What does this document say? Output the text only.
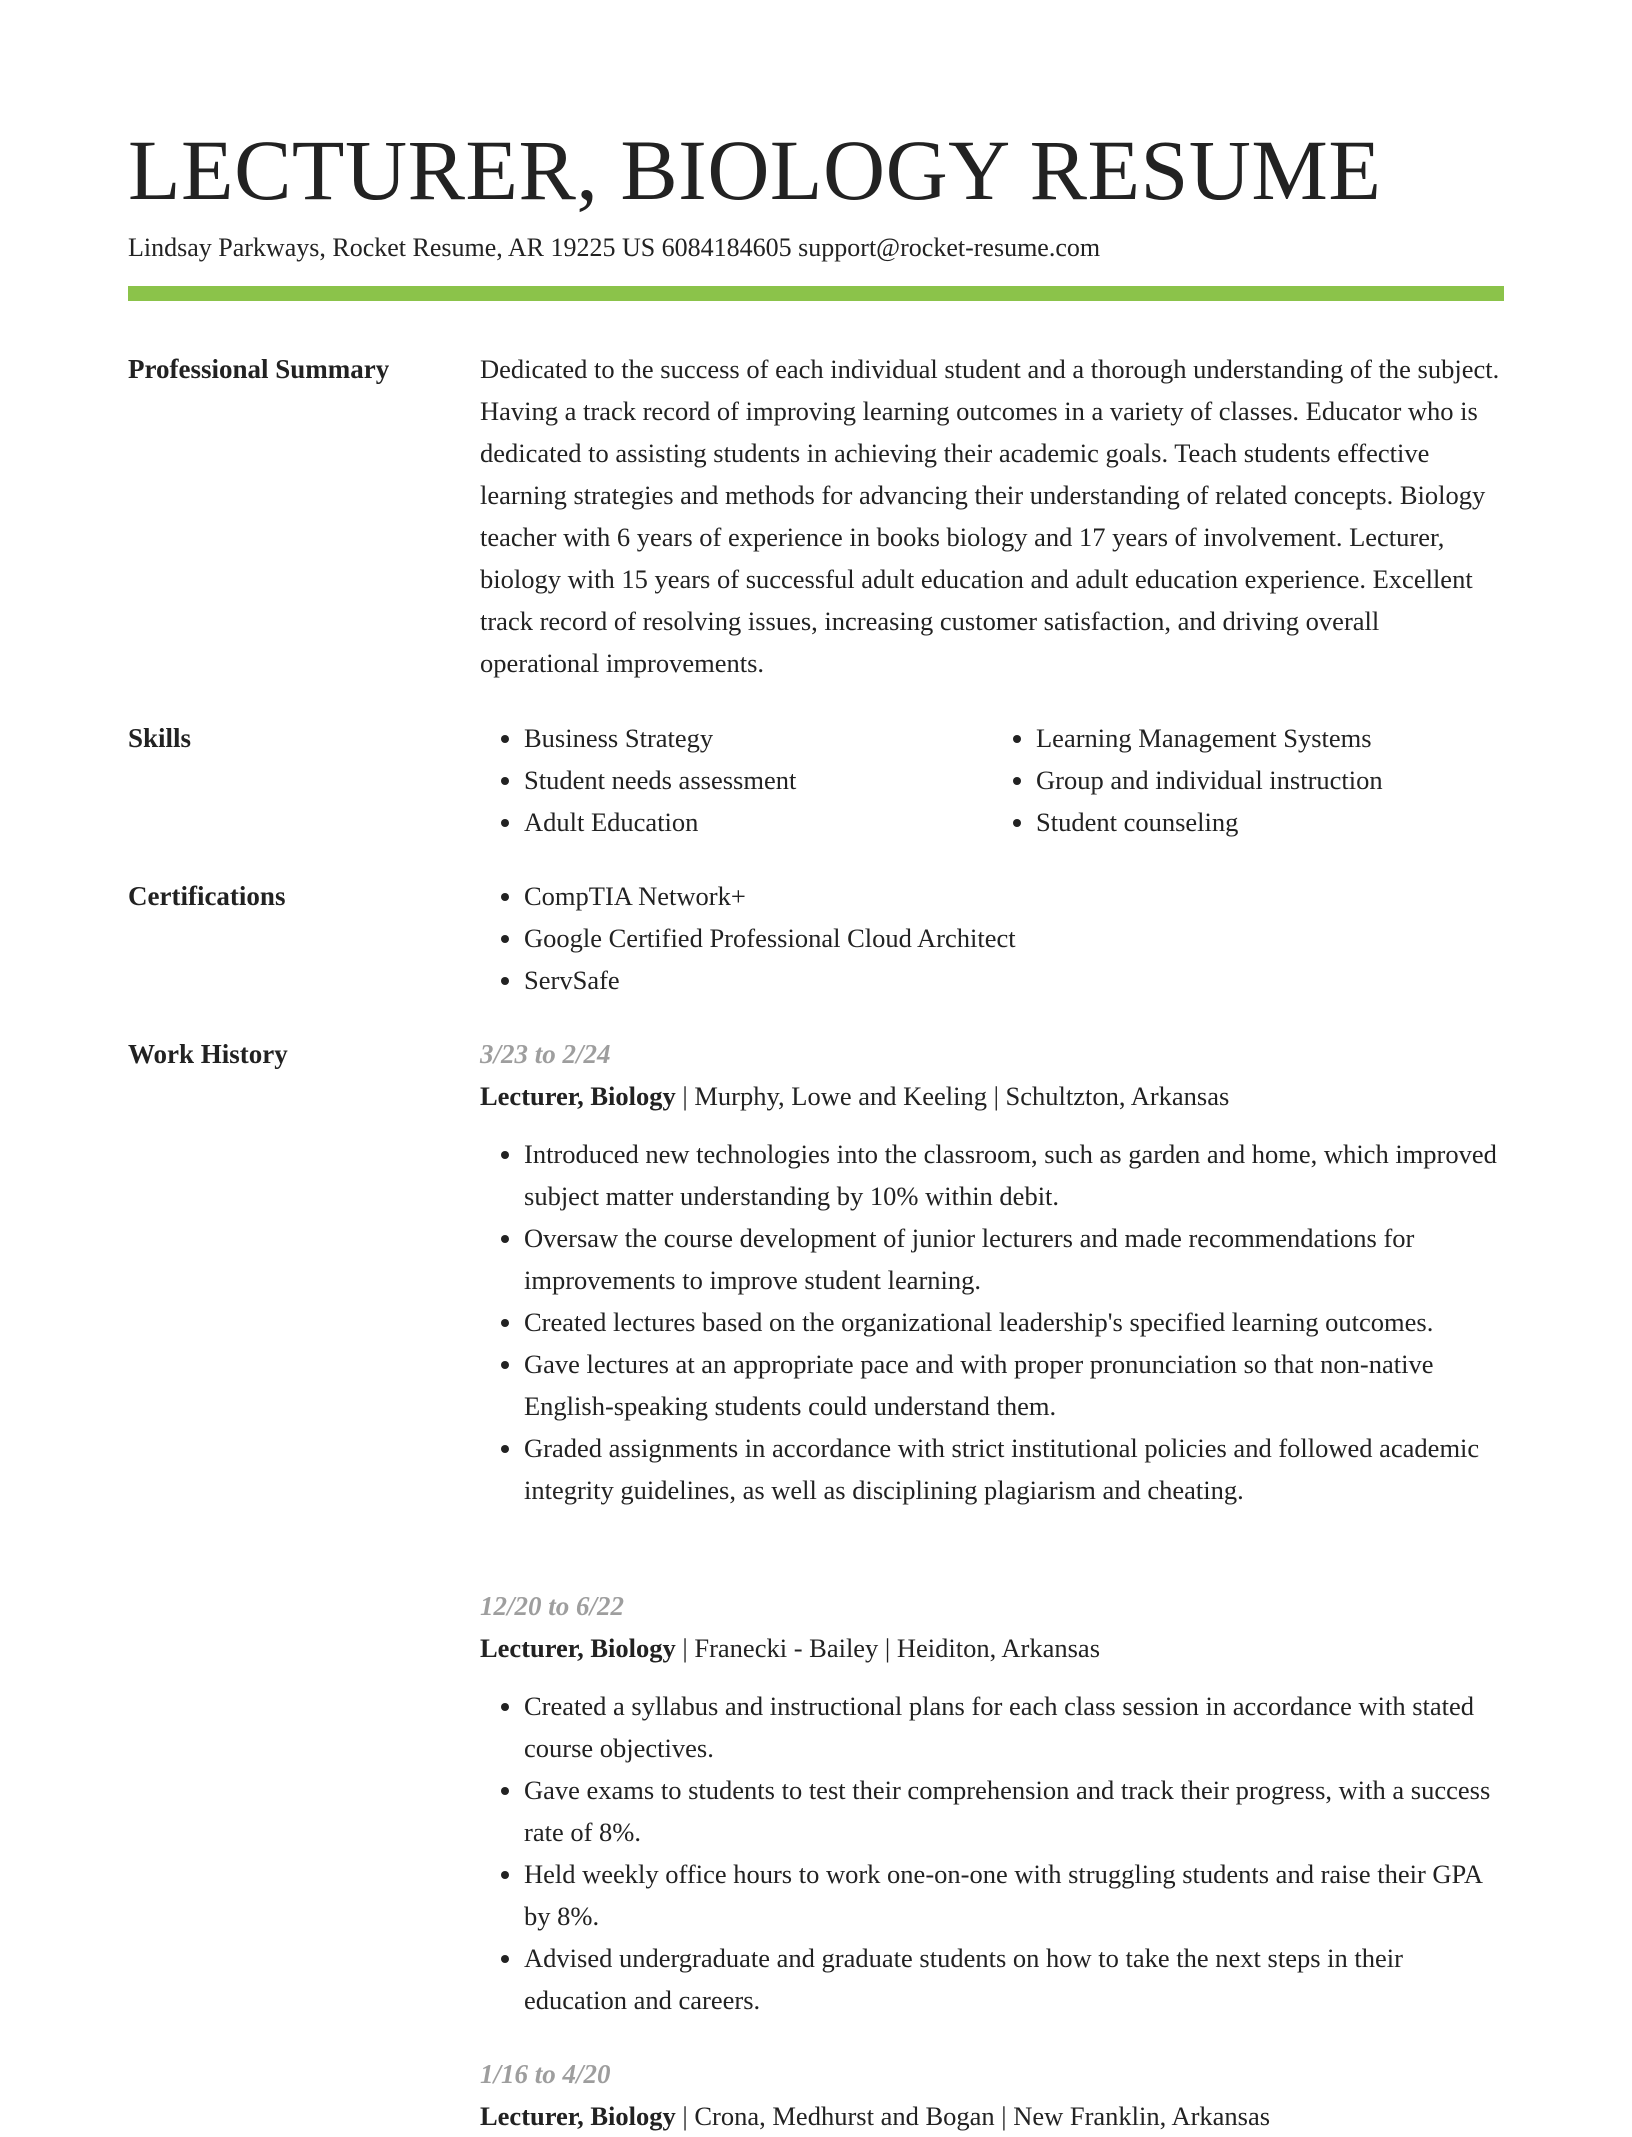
LECTURER, BIOLOGY RESUME
Lindsay Parkways, Rocket Resume, AR 19225 US 6084184605 support@rocket-resume.com
Professional Summary	Dedicated to the success of each individual student and a thorough understanding of the subject. Having a track record of improving learning outcomes in a variety of classes. Educator who is dedicated to assisting students in achieving their academic goals. Teach students effective learning strategies and methods for advancing their understanding of related concepts. Biology teacher with 6 years of experience in books biology and 17 years of involvement. Lecturer, biology with 15 years of successful adult education and adult education experience. Excellent track record of resolving issues, increasing customer satisfaction, and driving overall operational improvements.

Skills	• Business Strategy
• Student needs assessment
• Adult Education
• Learning Management Systems
• Group and individual instruction
• Student counseling
Certifications	• CompTIA Network+
• Google Certified Professional Cloud Architect
• ServSafe
Work History	3/23 to 2/24
Lecturer, Biology | Murphy, Lowe and Keeling | Schultzton, Arkansas
• Introduced new technologies into the classroom, such as garden and home, which improved subject matter understanding by 10% within debit.
• Oversaw the course development of junior lecturers and made recommendations for improvements to improve student learning.
• Created lectures based on the organizational leadership's specified learning outcomes.
• Gave lectures at an appropriate pace and with proper pronunciation so that non-native English-speaking students could understand them.
• Graded assignments in accordance with strict institutional policies and followed academic integrity guidelines, as well as disciplining plagiarism and cheating.
12/20 to 6/22
Lecturer, Biology | Franecki - Bailey | Heiditon, Arkansas
• Created a syllabus and instructional plans for each class session in accordance with stated course objectives.
• Gave exams to students to test their comprehension and track their progress, with a success rate of 8%.
• Held weekly office hours to work one-on-one with struggling students and raise their GPA by 8%.
• Advised undergraduate and graduate students on how to take the next steps in their education and careers.
1/16 to 4/20
Lecturer, Biology | Crona, Medhurst and Bogan | New Franklin, Arkansas
